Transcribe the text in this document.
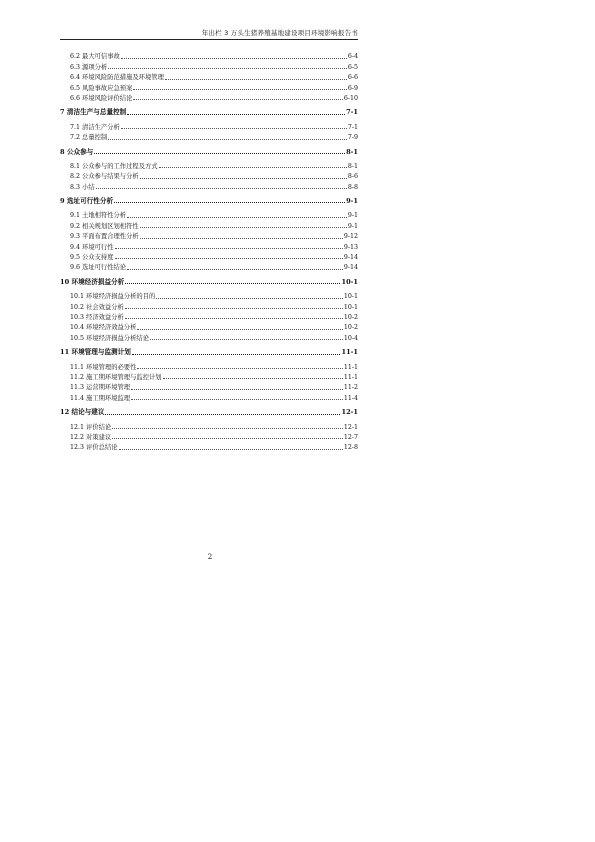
年出栏 3 万头生猪养殖基地建设项目环境影响报告书
6.2 最大可信事故	6-4
6.3 源项分析	6-5
6.4 环境风险防范措施及环境管理	6-6
6.5 风险事故应急预案	6-9
6.6 环境风险评价结论	6-10
7 清洁生产与总量控制	7-1
7.1 清洁生产分析	7-1
7.2 总量控制	7-9
8 公众参与	8-1
8.1 公众参与的工作过程及方式	8-1
8.2 公众参与结果与分析	8-6
8.3 小结	8-8
9 选址可行性分析	9-1
9.1 土地相符性分析	9-1
9.2 相关规划区划相符性	9-1
9.3 平面布置合理性分析	9-12
9.4 环境可行性	9-13
9.5 公众支持度	9-14
9.6 选址可行性结论	9-14
10 环境经济损益分析	10-1
10.1 环境经济损益分析的目的	10-1
10.2 社会效益分析	10-1
10.3 经济效益分析	10-2
10.4 环境经济效益分析	10-2
10.5 环境经济损益分析结论	10-4
11 环境管理与监测计划	11-1
11.1 环境管理的必要性	11-1
11.2 施工期环境管理与监控计划	11-1
11.3 运营期环境管理	11-2
11.4 施工期环境监理	11-4
12 结论与建议	12-1
12.1 评价结论	12-1
12.2 对策建议	12-7
12.3 评价总结论	12-8
2
